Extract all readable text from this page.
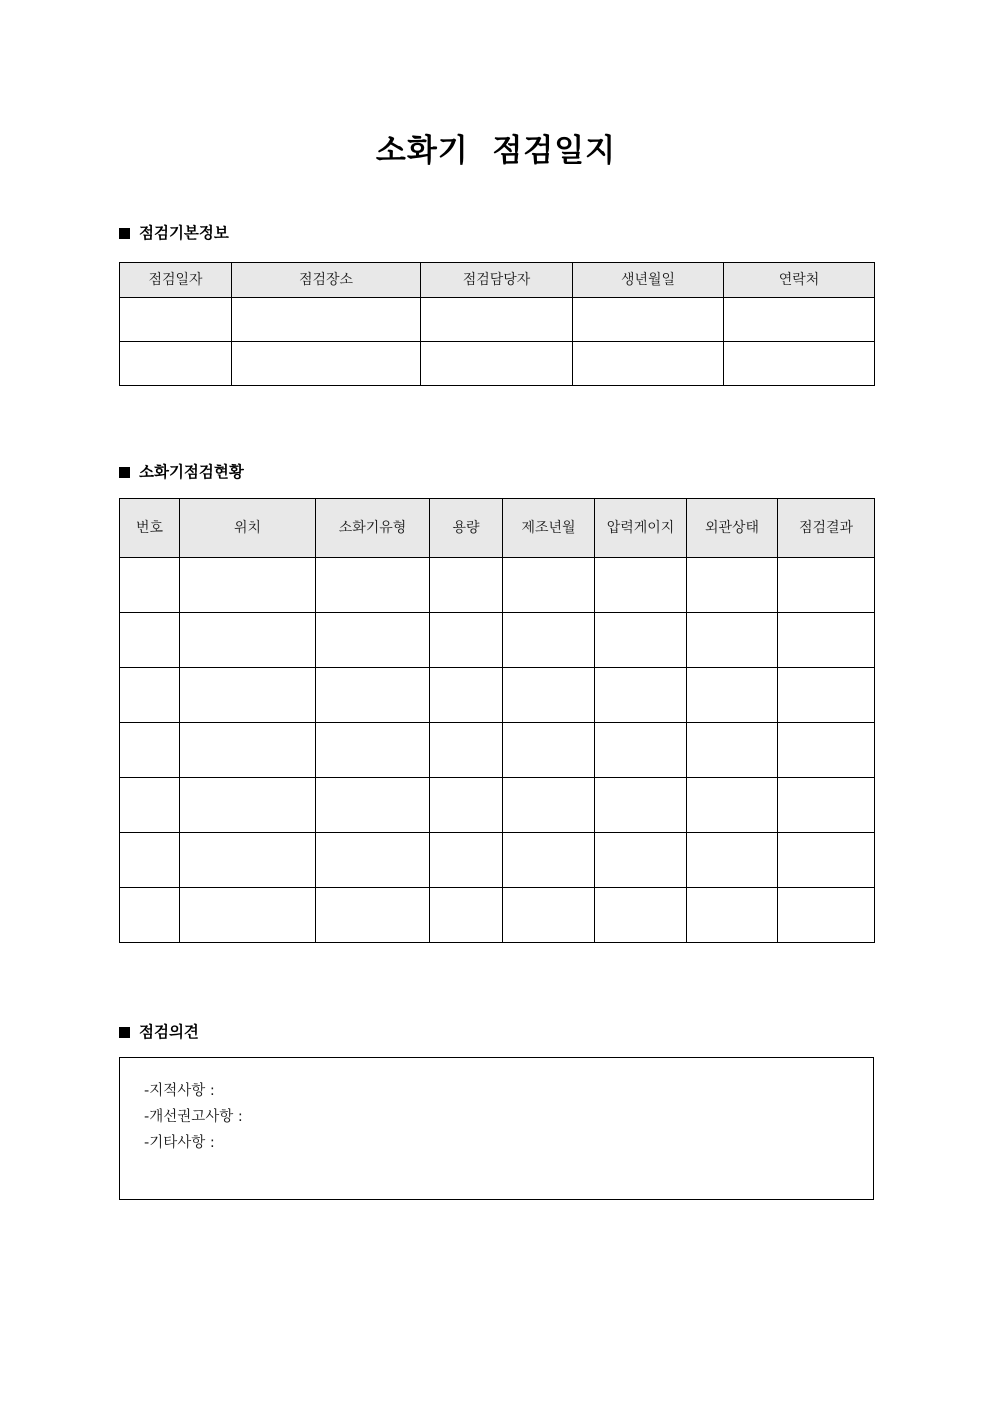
소화기  점검일지
점검기본정보
점검일자	점검장소	점검담당자	생년월일	연락처

소화기점검현황
번호	위치	소화기유형	용량	제조년월	압력게이지	외관상태	점검결과

점검의견
-지적사항 :
-개선권고사항 :
-기타사항 :
